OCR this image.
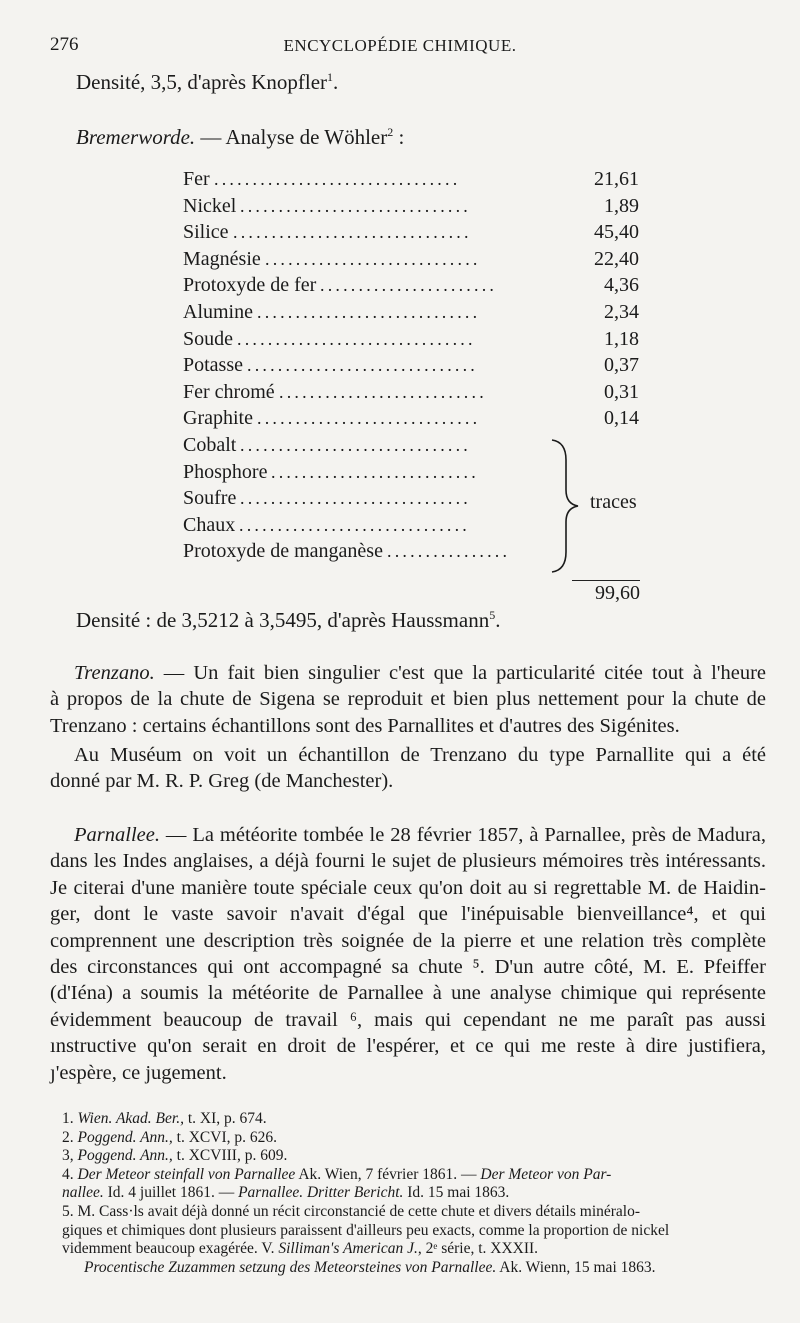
276	ENCYCLOPÉDIE CHIMIQUE.
Densité, 3,5, d'après Knopfler$^1$.
Bremerworde. — Analyse de Wöhler$^2$ :
Fer ................................	21,61
Nickel ..............................	1,89
Silice ...............................	45,40
Magnésie ............................	22,40
Protoxyde de fer .......................	4,36
Alumine .............................	2,34
Soude ...............................	1,18
Potasse ..............................	0,37
Fer chromé ...........................	0,31
Graphite .............................	0,14
Cobalt ..............................
Phosphore ...........................
Soufre ..............................
Chaux ..............................
Protoxyde de manganèse ................
traces
99,60
Densité : de 3,5212 à 3,5495, d'après Haussmann$^5$.
Trenzano. — Un fait bien singulier c'est que la particularité citée tout à l'heure
à propos de la chute de Sigena se reproduit et bien plus nettement pour la chute de
Trenzano : certains échantillons sont des Parnallites et d'autres des Sigénites.
Au Muséum on voit un échantillon de Trenzano du type Parnallite qui a été
donné par M. R. P. Greg (de Manchester).
Parnallee. — La météorite tombée le 28 février 1857, à Parnallee, près de Madura,
dans les Indes anglaises, a déjà fourni le sujet de plusieurs mémoires très intéressants.
Je citerai d'une manière toute spéciale ceux qu'on doit au si regrettable M. de Haidin-
ger, dont le vaste savoir n'avait d'égal que l'inépuisable bienveillance⁴, et qui
comprennent une description très soignée de la pierre et une relation très complète
des circonstances qui ont accompagné sa chute ⁵. D'un autre côté, M. E. Pfeiffer
(d'Iéna) a soumis la météorite de Parnallee à une analyse chimique qui représente
évidemment beaucoup de travail ⁶, mais qui cependant ne me paraît pas aussi
ınstructive qu'on serait en droit de l'espérer, et ce qui me reste à dire justifiera,
ȷ'espère, ce jugement.
1. Wien. Akad. Ber., t. XI, p. 674.
2. Poggend. Ann., t. XCVI, p. 626.
3, Poggend. Ann., t. XCVIII, p. 609.
4. Der Meteor steinfall von Parnallee Ak. Wien, 7 février 1861. — Der Meteor von Par-
nallee. Id. 4 juillet 1861. — Parnallee. Dritter Bericht. Id. 15 mai 1863.
5. M. Cass·ls avait déjà donné un récit circonstancié de cette chute et divers détails minéralo-
giques et chimiques dont plusieurs paraissent d'ailleurs peu exacts, comme la proportion de nickel
videmment beaucoup exagérée. V. Silliman's American J., 2ᵉ série, t. XXXII.
Procentische Zuzammen setzung des Meteorsteines von Parnallee. Ak. Wienn, 15 mai 1863.
